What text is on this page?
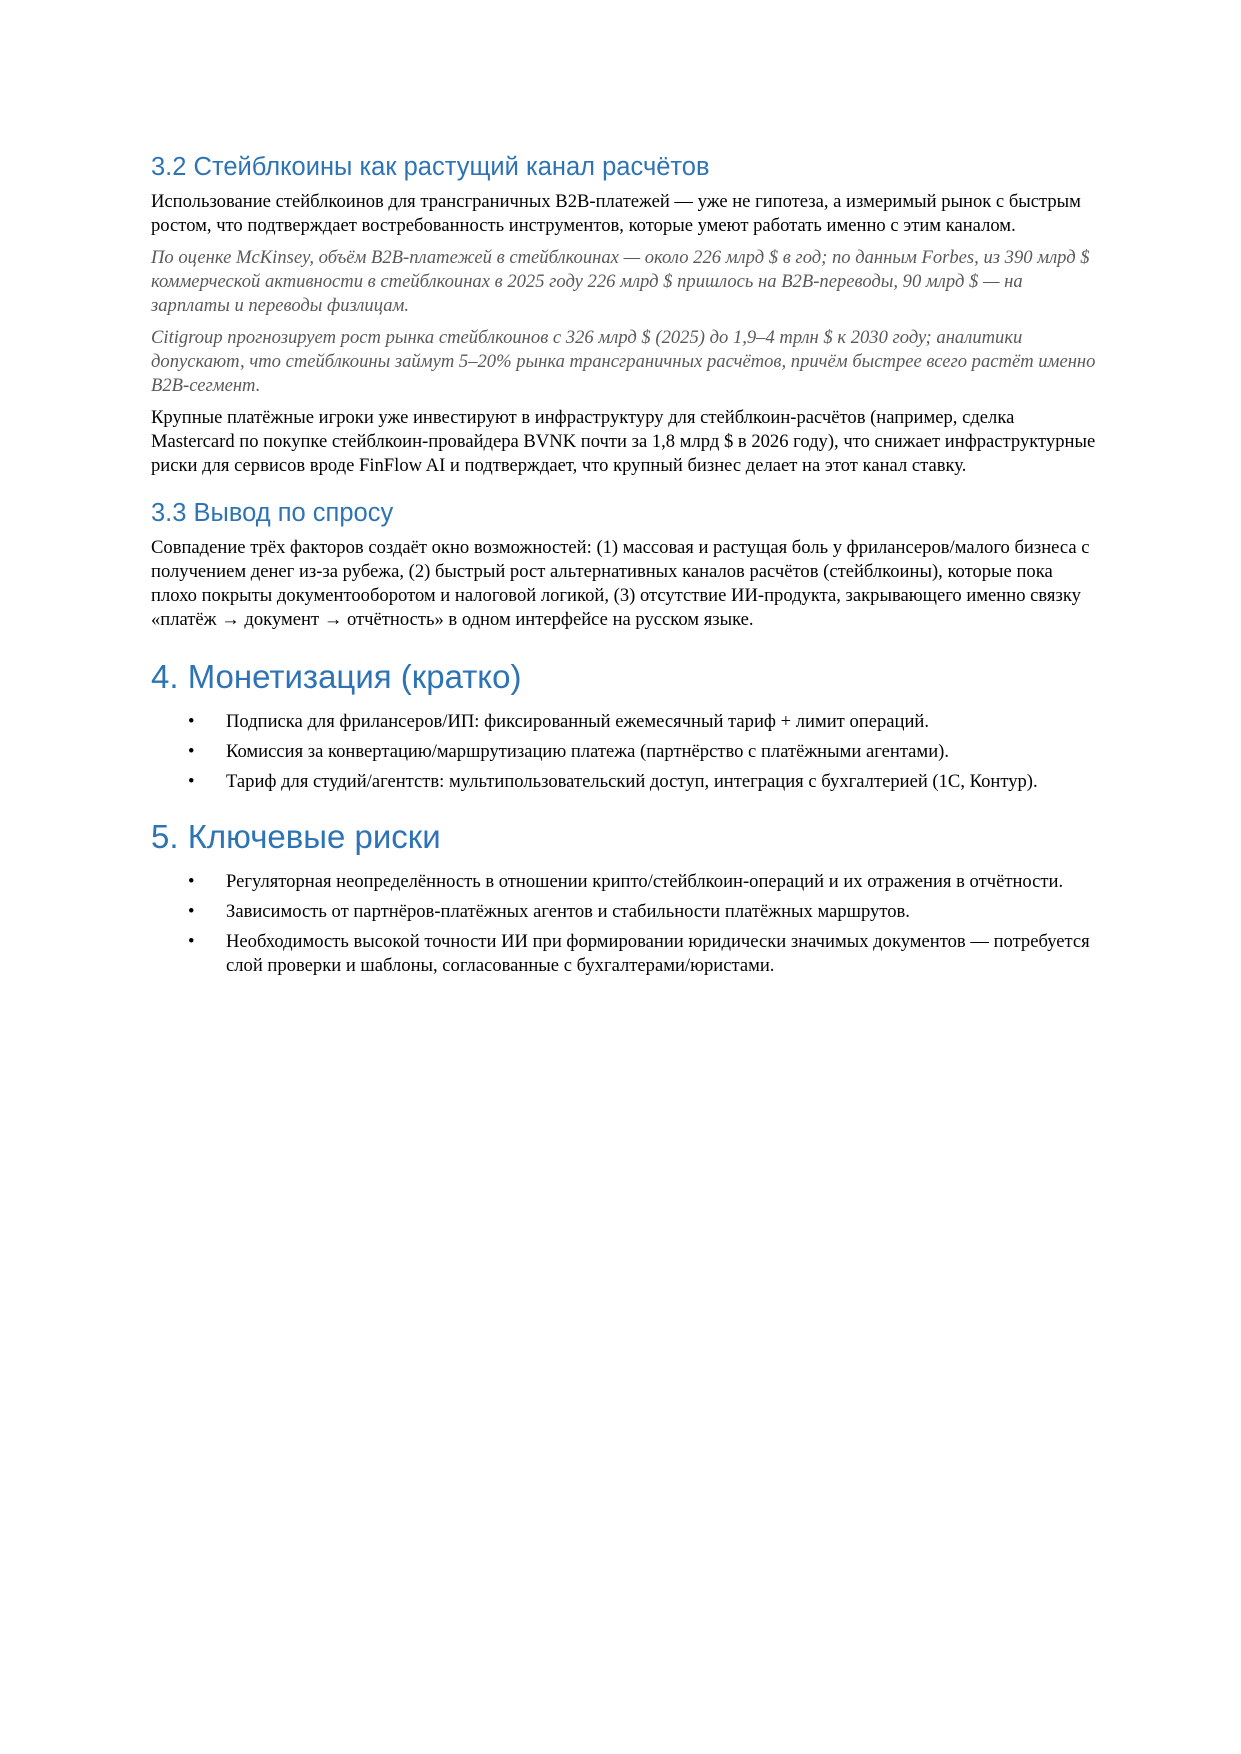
3.2 Стейблкоины как растущий канал расчётов

Использование стейблкоинов для трансграничных B2B-платежей — уже не гипотеза, а измеримый рынок с быстрым ростом, что подтверждает востребованность инструментов, которые умеют работать именно с этим каналом.

По оценке McKinsey, объём B2B-платежей в стейблкоинах — около 226 млрд $ в год; по данным Forbes, из 390 млрд $ коммерческой активности в стейблкоинах в 2025 году 226 млрд $ пришлось на B2B-переводы, 90 млрд $ — на зарплаты и переводы физлицам.

Citigroup прогнозирует рост рынка стейблкоинов с 326 млрд $ (2025) до 1,9–4 трлн $ к 2030 году; аналитики допускают, что стейблкоины займут 5–20% рынка трансграничных расчётов, причём быстрее всего растёт именно B2B-сегмент.

Крупные платёжные игроки уже инвестируют в инфраструктуру для стейблкоин-расчётов (например, сделка Mastercard по покупке стейблкоин-провайдера BVNK почти за 1,8 млрд $ в 2026 году), что снижает инфраструктурные риски для сервисов вроде FinFlow AI и подтверждает, что крупный бизнес делает на этот канал ставку.

3.3 Вывод по спросу

Совпадение трёх факторов создаёт окно возможностей: (1) массовая и растущая боль у фрилансеров/малого бизнеса с получением денег из-за рубежа, (2) быстрый рост альтернативных каналов расчётов (стейблкоины), которые пока плохо покрыты документооборотом и налоговой логикой, (3) отсутствие ИИ-продукта, закрывающего именно связку «платёж → документ → отчётность» в одном интерфейсе на русском языке.

4. Монетизация (кратко)
• Подписка для фрилансеров/ИП: фиксированный ежемесячный тариф + лимит операций.
• Комиссия за конвертацию/маршрутизацию платежа (партнёрство с платёжными агентами).
• Тариф для студий/агентств: мультипользовательский доступ, интеграция с бухгалтерией (1С, Контур).
5. Ключевые риски
• Регуляторная неопределённость в отношении крипто/стейблкоин-операций и их отражения в отчётности.
• Зависимость от партнёров-платёжных агентов и стабильности платёжных маршрутов.
• Необходимость высокой точности ИИ при формировании юридически значимых документов — потребуется слой проверки и шаблоны, согласованные с бухгалтерами/юристами.
